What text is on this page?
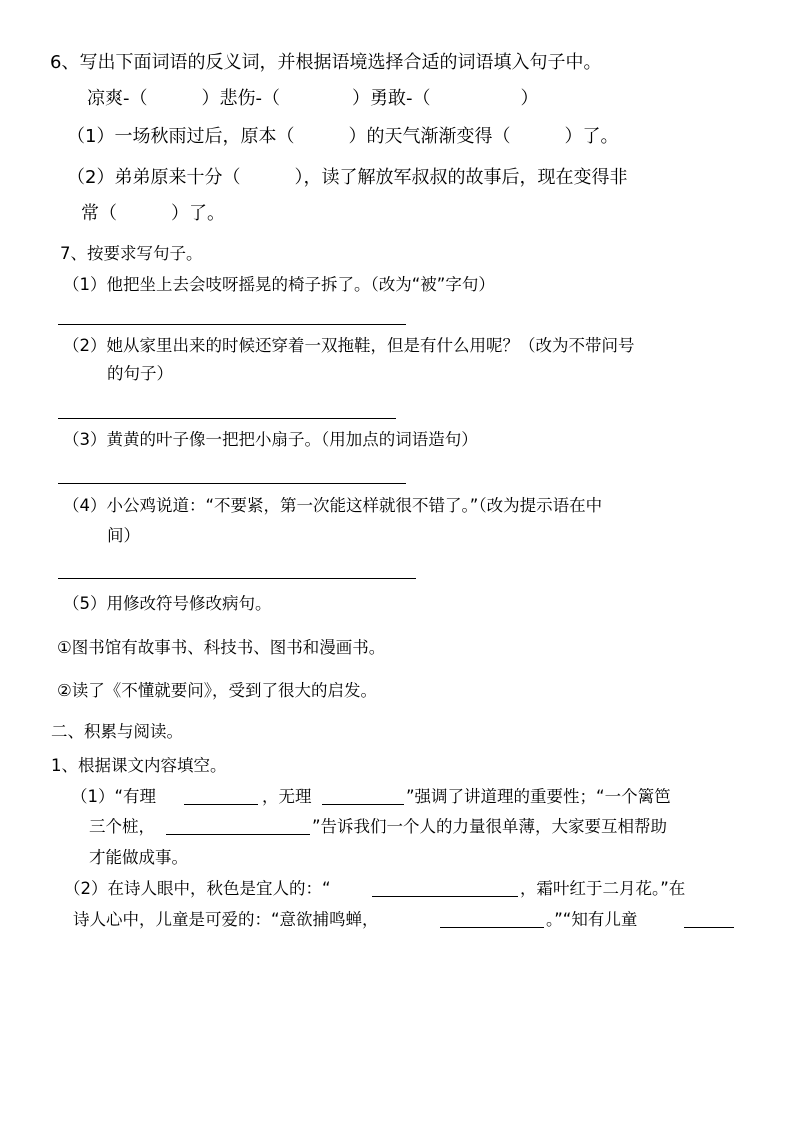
6、写出下面词语的反义词，并根据语境选择合适的词语填入句子中。
凉爽-（　　　）悲伤-（　　　　）勇敢-（　　　　　）
（1）一场秋雨过后，原本（　　　）的天气渐渐变得（　　　）了。
（2）弟弟原来十分（　　　），读了解放军叔叔的故事后，现在变得非
常（　　　）了。
7、按要求写句子。
（1）他把坐上去会吱呀摇晃的椅子拆了。（改为“被”字句）
（2）她从家里出来的时候还穿着一双拖鞋，但是有什么用呢？（改为不带问号
的句子）
（3）黄黄的叶子像一把把小扇子。（用加点的词语造句）
（4）小公鸡说道：“不要紧，第一次能这样就很不错了。”（改为提示语在中
间）
（5）用修改符号修改病句。
①图书馆有故事书、科技书、图书和漫画书。
②读了《不懂就要问》，受到了很大的启发。
二、积累与阅读。
1、根据课文内容填空。
（1）“有理	，无理	”强调了讲道理的重要性；“一个篱笆
三个桩，	”告诉我们一个人的力量很单薄，大家要互相帮助
才能做成事。
（2）在诗人眼中，秋色是宜人的：“	，霜叶红于二月花。”在
诗人心中，儿童是可爱的：“意欲捕鸣蝉，	。”“知有儿童
